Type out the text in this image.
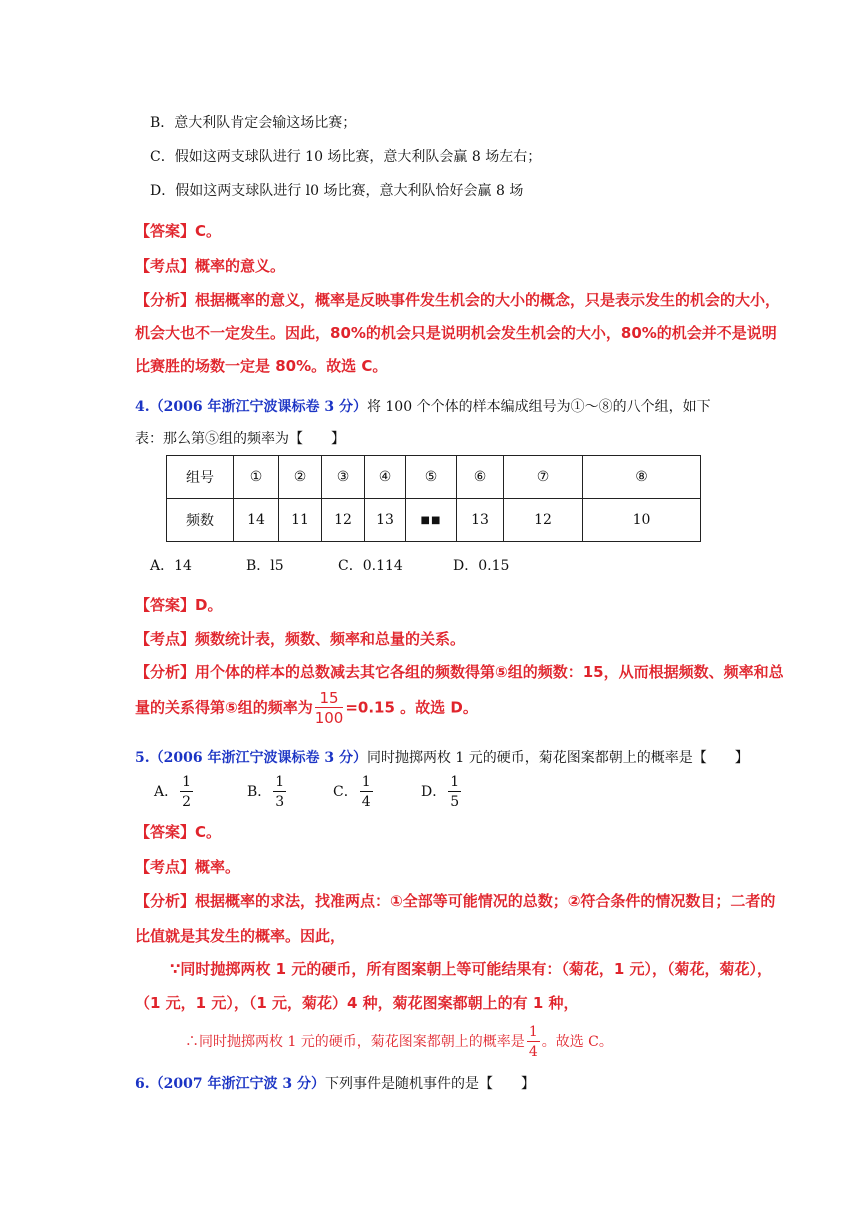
B．意大利队肯定会输这场比赛；
C．假如这两支球队进行 10 场比赛，意大利队会赢 8 场左右；
D．假如这两支球队进行 l0 场比赛，意大利队恰好会赢 8 场
【答案】C。
【考点】概率的意义。
【分析】根据概率的意义，概率是反映事件发生机会的大小的概念，只是表示发生的机会的大小，
机会大也不一定发生。因此，80%的机会只是说明机会发生机会的大小，80%的机会并不是说明
比赛胜的场数一定是 80%。故选 C。
4.（2006 年浙江宁波课标卷 3 分）将 100 个个体的样本编成组号为①～⑧的八个组，如下
表：那么第⑤组的频率为【　　】
组号	①	②	③	④	⑤	⑥	⑦	⑧
频数	14	11	12	13	■■	13	12	10
A．14	B．l5	C．0.114	D．0.15
【答案】D。
【考点】频数统计表，频数、频率和总量的关系。
【分析】用个体的样本的总数减去其它各组的频数得第⑤组的频数：15，从而根据频数、频率和总
量的关系得第⑤组的频率为 $\frac{15}{100} =0.15$ 。故选 D。
5.（2006 年浙江宁波课标卷 3 分）同时抛掷两枚 1 元的硬币，菊花图案都朝上的概率是【　　】
A． $\frac{1}{2}$	B． $\frac{1}{3}$	C． $\frac{1}{4}$	D． $\frac{1}{5}$
【答案】C。
【考点】概率。
【分析】根据概率的求法，找准两点：①全部等可能情况的总数；②符合条件的情况数目；二者的
比值就是其发生的概率。因此，
∵同时抛掷两枚 1 元的硬币，所有图案朝上等可能结果有：（菊花，1 元），（菊花，菊花），
（1 元，1 元），（1 元，菊花）4 种，菊花图案都朝上的有 1 种，
∴同时抛掷两枚 1 元的硬币，菊花图案都朝上的概率是 $\frac{1}{4}$ 。故选 C。
6.（2007 年浙江宁波 3 分）下列事件是随机事件的是【　　】
